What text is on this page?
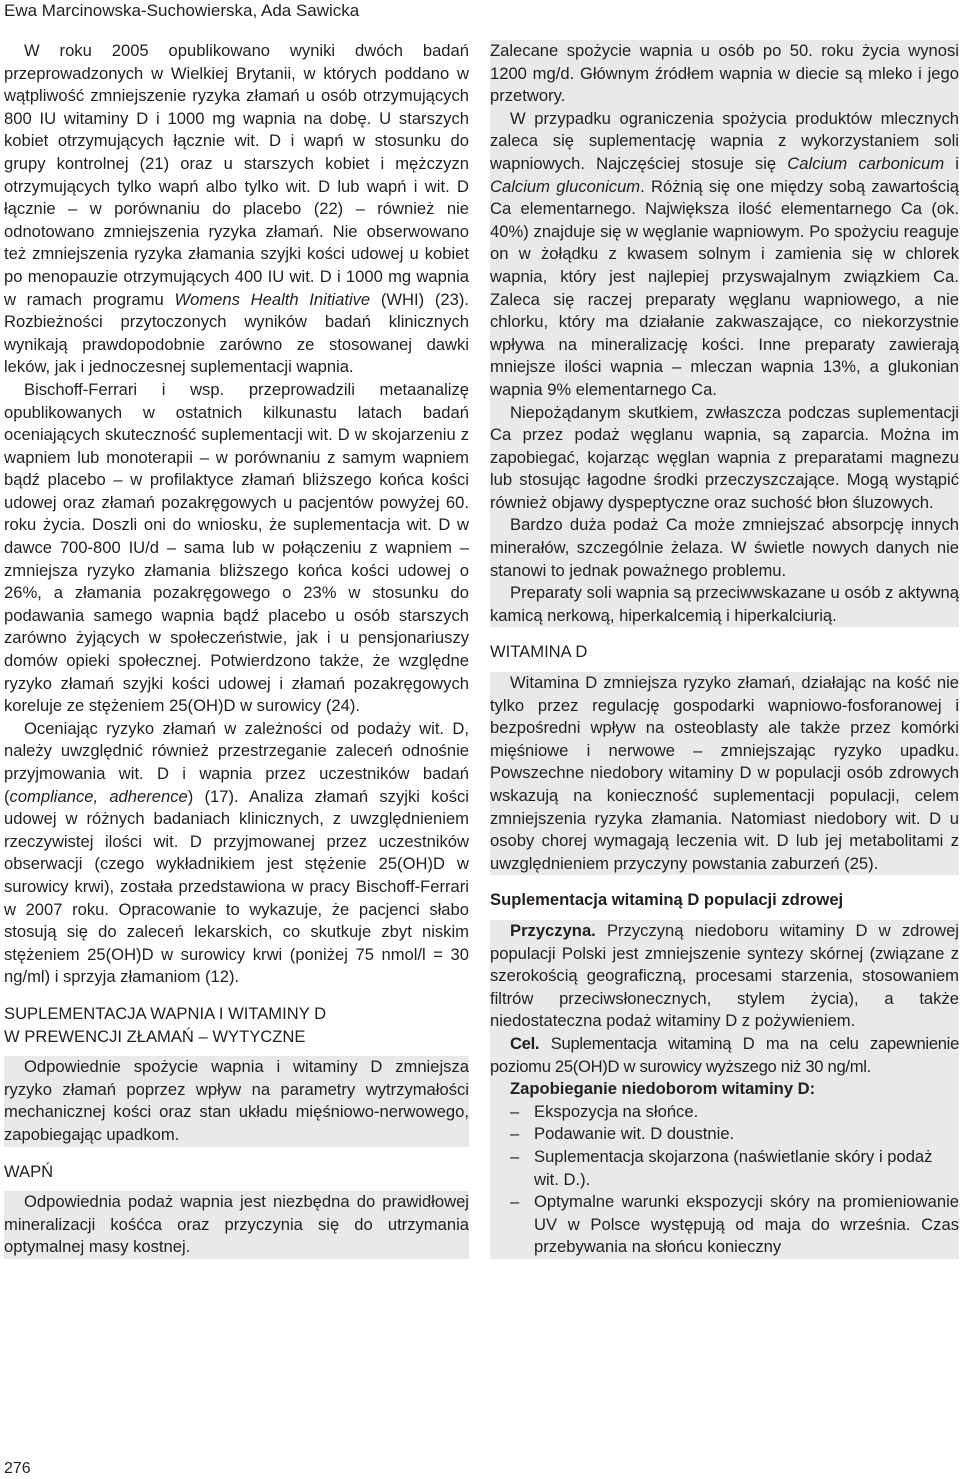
Ewa Marcinowska-Suchowierska, Ada Sawicka

W roku 2005 opublikowano wyniki dwóch badań przeprowadzonych w Wielkiej Brytanii, w których poddano w wątpliwość zmniejszenie ryzyka złamań u osób otrzymujących 800 IU witaminy D i 1000 mg wapnia na dobę. U starszych kobiet otrzymujących łącznie wit. D i wapń w stosunku do grupy kontrolnej (21) oraz u starszych kobiet i mężczyzn otrzymujących tylko wapń albo tylko wit. D lub wapń i wit. D łącznie – w porównaniu do placebo (22) – również nie odnotowano zmniejszenia ryzyka złamań. Nie obserwowano też zmniejszenia ryzyka złamania szyjki kości udowej u kobiet po menopauzie otrzymujących 400 IU wit. D i 1000 mg wapnia w ramach programu Womens Health Initiative (WHI) (23). Rozbieżności przytoczonych wyników badań klinicznych wynikają prawdopodobnie zarówno ze stosowanej dawki leków, jak i jednoczesnej suplementacji wapnia.

Bischoff-Ferrari i wsp. przeprowadzili metaanalizę opublikowanych w ostatnich kilkunastu latach badań oceniających skuteczność suplementacji wit. D w skojarzeniu z wapniem lub monoterapii – w porównaniu z samym wapniem bądź placebo – w profilaktyce złamań bliższego końca kości udowej oraz złamań pozakręgowych u pacjentów powyżej 60. roku życia. Doszli oni do wniosku, że suplementacja wit. D w dawce 700-800 IU/d – sama lub w połączeniu z wapniem – zmniejsza ryzyko złamania bliższego końca kości udowej o 26%, a złamania pozakręgowego o 23% w stosunku do podawania samego wapnia bądź placebo u osób starszych zarówno żyjących w społeczeństwie, jak i u pensjonariuszy domów opieki społecznej. Potwierdzono także, że względne ryzyko złamań szyjki kości udowej i złamań pozakręgowych koreluje ze stężeniem 25(OH)D w surowicy (24).

Oceniając ryzyko złamań w zależności od podaży wit. D, należy uwzględnić również przestrzeganie zaleceń odnośnie przyjmowania wit. D i wapnia przez uczestników badań (compliance, adherence) (17). Analiza złamań szyjki kości udowej w różnych badaniach klinicznych, z uwzględnieniem rzeczywistej ilości wit. D przyjmowanej przez uczestników obserwacji (czego wykładnikiem jest stężenie 25(OH)D w surowicy krwi), została przedstawiona w pracy Bischoff-Ferrari w 2007 roku. Opracowanie to wykazuje, że pacjenci słabo stosują się do zaleceń lekarskich, co skutkuje zbyt niskim stężeniem 25(OH)D w surowicy krwi (poniżej 75 nmol/l = 30 ng/ml) i sprzyja złamaniom (12).

SUPLEMENTACJA WAPNIA I WITAMINY D
W PREWENCJI ZŁAMAŃ – WYTYCZNE

Odpowiednie spożycie wapnia i witaminy D zmniejsza ryzyko złamań poprzez wpływ na parametry wytrzymałości mechanicznej kości oraz stan układu mięśniowo-nerwowego, zapobiegając upadkom.

WAPŃ

Odpowiednia podaż wapnia jest niezbędna do prawidłowej mineralizacji kośćca oraz przyczynia się do utrzymania optymalnej masy kostnej.

Zalecane spożycie wapnia u osób po 50. roku życia wynosi 1200 mg/d. Głównym źródłem wapnia w diecie są mleko i jego przetwory.

W przypadku ograniczenia spożycia produktów mlecznych zaleca się suplementację wapnia z wykorzystaniem soli wapniowych. Najczęściej stosuje się Calcium carbonicum i Calcium gluconicum. Różnią się one między sobą zawartością Ca elementarnego. Największa ilość elementarnego Ca (ok. 40%) znajduje się w węglanie wapniowym. Po spożyciu reaguje on w żołądku z kwasem solnym i zamienia się w chlorek wapnia, który jest najlepiej przyswajalnym związkiem Ca. Zaleca się raczej preparaty węglanu wapniowego, a nie chlorku, który ma działanie zakwaszające, co niekorzystnie wpływa na mineralizację kości. Inne preparaty zawierają mniejsze ilości wapnia – mleczan wapnia 13%, a glukonian wapnia 9% elementarnego Ca.

Niepożądanym skutkiem, zwłaszcza podczas suplementacji Ca przez podaż węglanu wapnia, są zaparcia. Można im zapobiegać, kojarząc węglan wapnia z preparatami magnezu lub stosując łagodne środki przeczyszczające. Mogą wystąpić również objawy dyspeptyczne oraz suchość błon śluzowych.

Bardzo duża podaż Ca może zmniejszać absorpcję innych minerałów, szczególnie żelaza. W świetle nowych danych nie stanowi to jednak poważnego problemu.

Preparaty soli wapnia są przeciwwskazane u osób z aktywną kamicą nerkową, hiperkalcemią i hiperkalciurią.

WITAMINA D

Witamina D zmniejsza ryzyko złamań, działając na kość nie tylko przez regulację gospodarki wapniowo-fosforanowej i bezpośredni wpływ na osteoblasty ale także przez komórki mięśniowe i nerwowe – zmniejszając ryzyko upadku. Powszechne niedobory witaminy D w populacji osób zdrowych wskazują na konieczność suplementacji populacji, celem zmniejszenia ryzyka złamania. Natomiast niedobory wit. D u osoby chorej wymagają leczenia wit. D lub jej metabolitami z uwzględnieniem przyczyny powstania zaburzeń (25).

Suplementacja witaminą D populacji zdrowej

Przyczyna. Przyczyną niedoboru witaminy D w zdrowej populacji Polski jest zmniejszenie syntezy skórnej (związane z szerokością geograficzną, procesami starzenia, stosowaniem filtrów przeciwsłonecznych, stylem życia), a także niedostateczna podaż witaminy D z pożywieniem.

Cel. Suplementacja witaminą D ma na celu zapewnienie poziomu 25(OH)D w surowicy wyższego niż 30 ng/ml.

Zapobieganie niedoborom witaminy D:
– Ekspozycja na słońce.
– Podawanie wit. D doustnie.
– Suplementacja skojarzona (naświetlanie skóry i podaż wit. D.).
– Optymalne warunki ekspozycji skóry na promieniowanie UV w Polsce występują od maja do września. Czas przebywania na słońcu konieczny
276
